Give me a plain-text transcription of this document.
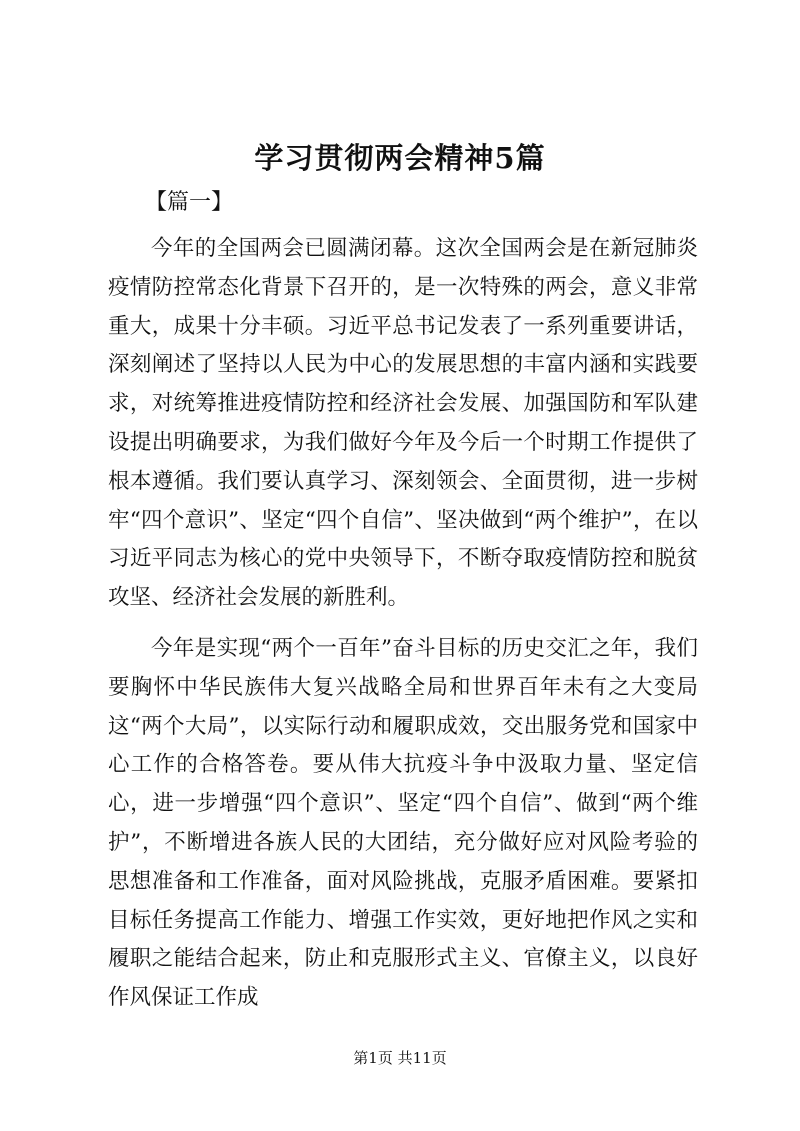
学习贯彻两会精神5篇
【篇一】

今年的全国两会已圆满闭幕。这次全国两会是在新冠肺炎疫情防控常态化背景下召开的，是一次特殊的两会，意义非常重大，成果十分丰硕。习近平总书记发表了一系列重要讲话，深刻阐述了坚持以人民为中心的发展思想的丰富内涵和实践要求，对统筹推进疫情防控和经济社会发展、加强国防和军队建设提出明确要求，为我们做好今年及今后一个时期工作提供了根本遵循。我们要认真学习、深刻领会、全面贯彻，进一步树牢“四个意识”、坚定“四个自信”、坚决做到“两个维护”，在以习近平同志为核心的党中央领导下，不断夺取疫情防控和脱贫攻坚、经济社会发展的新胜利。

今年是实现“两个一百年”奋斗目标的历史交汇之年，我们要胸怀中华民族伟大复兴战略全局和世界百年未有之大变局这“两个大局”，以实际行动和履职成效，交出服务党和国家中心工作的合格答卷。要从伟大抗疫斗争中汲取力量、坚定信心，进一步增强“四个意识”、坚定“四个自信”、做到“两个维护”，不断增进各族人民的大团结，充分做好应对风险考验的思想准备和工作准备，面对风险挑战，克服矛盾困难。要紧扣目标任务提高工作能力、增强工作实效，更好地把作风之实和履职之能结合起来，防止和克服形式主义、官僚主义，以良好作风保证工作成

第1页 共11页
